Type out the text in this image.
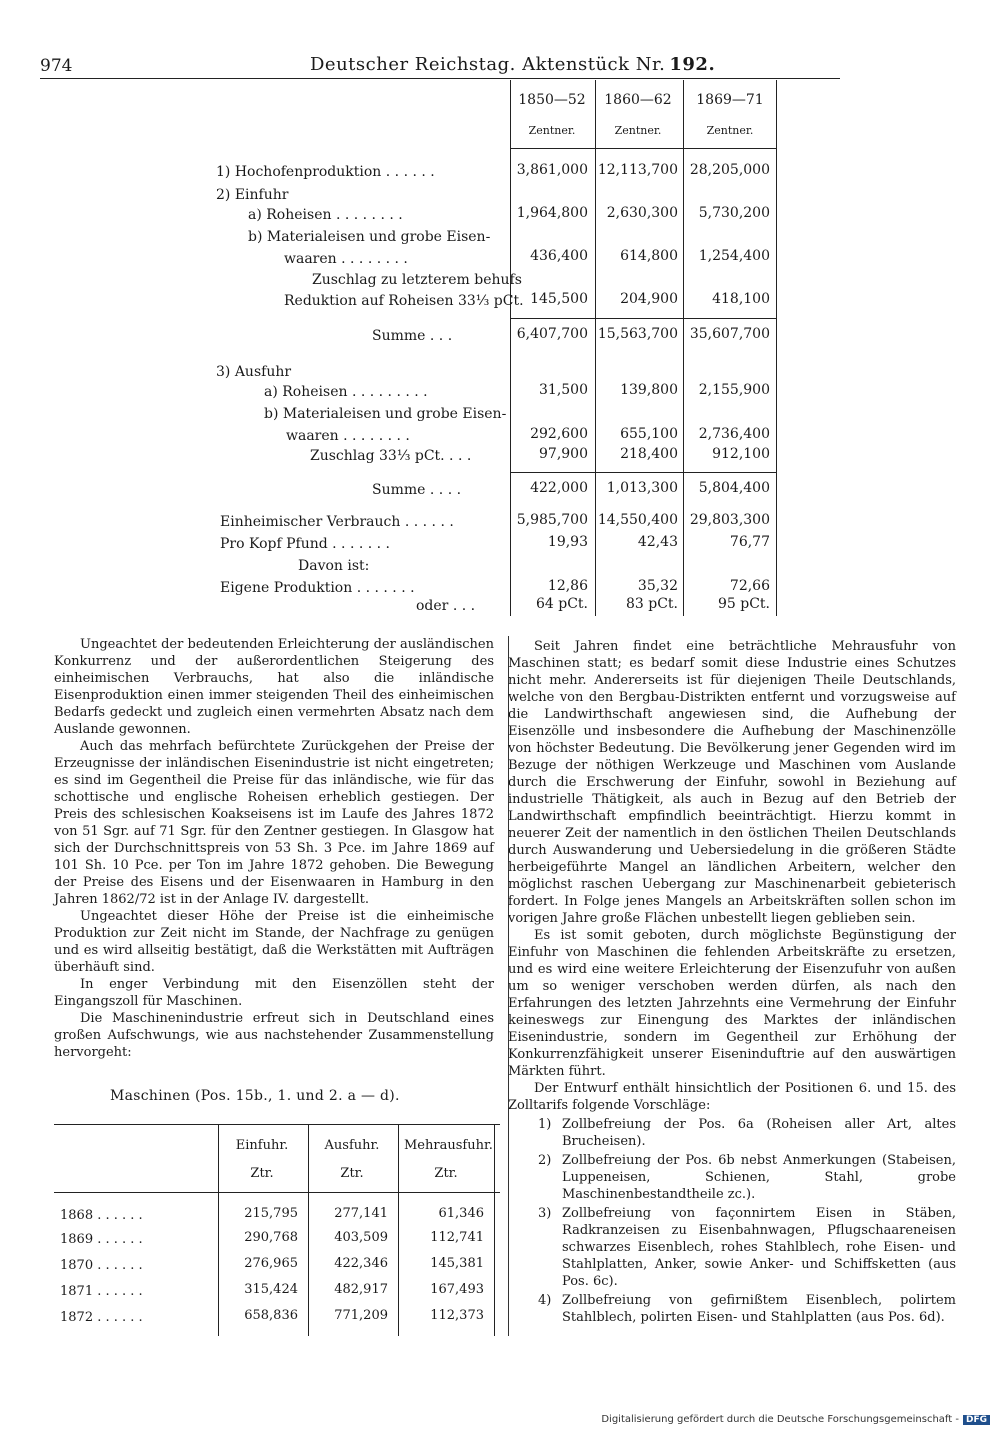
974	Deutscher Reichstag. Aktenstück Nr. 192.
1850—52	1860—62	1869—71
Zentner.	Zentner.	Zentner.
1) Hochofenproduktion . . . . . .	3,861,000 12,113,700 28,205,000
2) Einfuhr
a) Roheisen . . . . . . . .	1,964,800	2,630,300	5,730,200
b) Materialeisen und grobe Eisen-
waaren . . . . . . . .	436,400	614,800	1,254,400
Zuschlag zu letzterem behufs
Reduktion auf Roheisen 33⅓ pCt. 145,500	204,900	418,100
Summe . . .	6,407,700 15,563,700 35,607,700
3) Ausfuhr
a) Roheisen . . . . . . . . .	31,500	139,800	2,155,900
b) Materialeisen und grobe Eisen-
waaren . . . . . . . .	292,600	655,100	2,736,400
Zuschlag 33⅓ pCt. . . .	97,900	218,400	912,100
Summe . . . .	422,000	1,013,300	5,804,400
Einheimischer Verbrauch . . . . . .	5,985,700 14,550,400 29,803,300
Pro Kopf Pfund . . . . . . .	19,93	42,43	76,77
Davon ist:
Eigene Produktion . . . . . . .	12,86	35,32	72,66
oder . . .	64 pCt.	83 pCt.	95 pCt.

Ungeachtet der bedeutenden Erleichterung der ausländischen Konkurrenz und der außerordentlichen Steigerung des einheimischen Verbrauchs, hat also die inländische Eisenproduktion einen immer steigenden Theil des einheimischen Bedarfs gedeckt und zugleich einen vermehrten Absatz nach dem Auslande gewonnen.

Auch das mehrfach befürchtete Zurückgehen der Preise der Erzeugnisse der inländischen Eisenindustrie ist nicht eingetreten; es sind im Gegentheil die Preise für das inländische, wie für das schottische und englische Roheisen erheblich gestiegen. Der Preis des schlesischen Koakseisens ist im Laufe des Jahres 1872 von 51 Sgr. auf 71 Sgr. für den Zentner gestiegen. In Glasgow hat sich der Durchschnittspreis von 53 Sh. 3 Pce. im Jahre 1869 auf 101 Sh. 10 Pce. per Ton im Jahre 1872 gehoben. Die Bewegung der Preise des Eisens und der Eisenwaaren in Hamburg in den Jahren 1862/72 ist in der Anlage IV. dargestellt.

Ungeachtet dieser Höhe der Preise ist die einheimische Produktion zur Zeit nicht im Stande, der Nachfrage zu genügen und es wird allseitig bestätigt, daß die Werkstätten mit Aufträgen überhäuft sind.

In enger Verbindung mit den Eisenzöllen steht der Eingangszoll für Maschinen.

Die Maschinenindustrie erfreut sich in Deutschland eines großen Aufschwungs, wie aus nachstehender Zusammenstellung hervorgeht:

Maschinen (Pos. 15b., 1. und 2. a — d).
Einfuhr.	Ausfuhr.	Mehrausfuhr.
Ztr.	Ztr.	Ztr.
1868 . . . . . .	215,795	277,141	61,346
1869 . . . . . .	290,768	403,509	112,741
1870 . . . . . .	276,965	422,346	145,381
1871 . . . . . .	315,424	482,917	167,493
1872 . . . . . .	658,836	771,209	112,373

Seit Jahren findet eine beträchtliche Mehrausfuhr von Maschinen statt; es bedarf somit diese Industrie eines Schutzes nicht mehr. Andererseits ist für diejenigen Theile Deutschlands, welche von den Bergbau-Distrikten entfernt und vorzugsweise auf die Landwirthschaft angewiesen sind, die Aufhebung der Eisenzölle und insbesondere die Aufhebung der Maschinenzölle von höchster Bedeutung. Die Bevölkerung jener Gegenden wird im Bezuge der nöthigen Werkzeuge und Maschinen vom Auslande durch die Erschwerung der Einfuhr, sowohl in Beziehung auf industrielle Thätigkeit, als auch in Bezug auf den Betrieb der Landwirthschaft empfindlich beeinträchtigt. Hierzu kommt in neuerer Zeit der namentlich in den östlichen Theilen Deutschlands durch Auswanderung und Uebersiedelung in die größeren Städte herbeigeführte Mangel an ländlichen Arbeitern, welcher den möglichst raschen Uebergang zur Maschinenarbeit gebieterisch fordert. In Folge jenes Mangels an Arbeitskräften sollen schon im vorigen Jahre große Flächen unbestellt liegen geblieben sein.

Es ist somit geboten, durch möglichste Begünstigung der Einfuhr von Maschinen die fehlenden Arbeitskräfte zu ersetzen, und es wird eine weitere Erleichterung der Eisenzufuhr von außen um so weniger verschoben werden dürfen, als nach den Erfahrungen des letzten Jahrzehnts eine Vermehrung der Einfuhr keineswegs zur Einengung des Marktes der inländischen Eisenindustrie, sondern im Gegentheil zur Erhöhung der Konkurrenzfähigkeit unserer Eiseninduftrie auf den auswärtigen Märkten führt.

Der Entwurf enthält hinsichtlich der Positionen 6. und 15. des Zolltarifs folgende Vorschläge:

1) Zollbefreiung der Pos. 6a (Roheisen aller Art, altes Brucheisen).
2) Zollbefreiung der Pos. 6b nebst Anmerkungen (Stabeisen, Luppeneisen, Schienen, Stahl, grobe Maschinenbestandtheile zc.).
3) Zollbefreiung von façonnirtem Eisen in Stäben, Radkranzeisen zu Eisenbahnwagen, Pflugschaareneisen schwarzes Eisenblech, rohes Stahlblech, rohe Eisen- und Stahlplatten, Anker, sowie Anker- und Schiffsketten (aus Pos. 6c).
4) Zollbefreiung von gefirnißtem Eisenblech, polirtem Stahlblech, polirten Eisen- und Stahlplatten (aus Pos. 6d).
Digitalisierung gefördert durch die Deutsche Forschungsgemeinschaft - DFG
